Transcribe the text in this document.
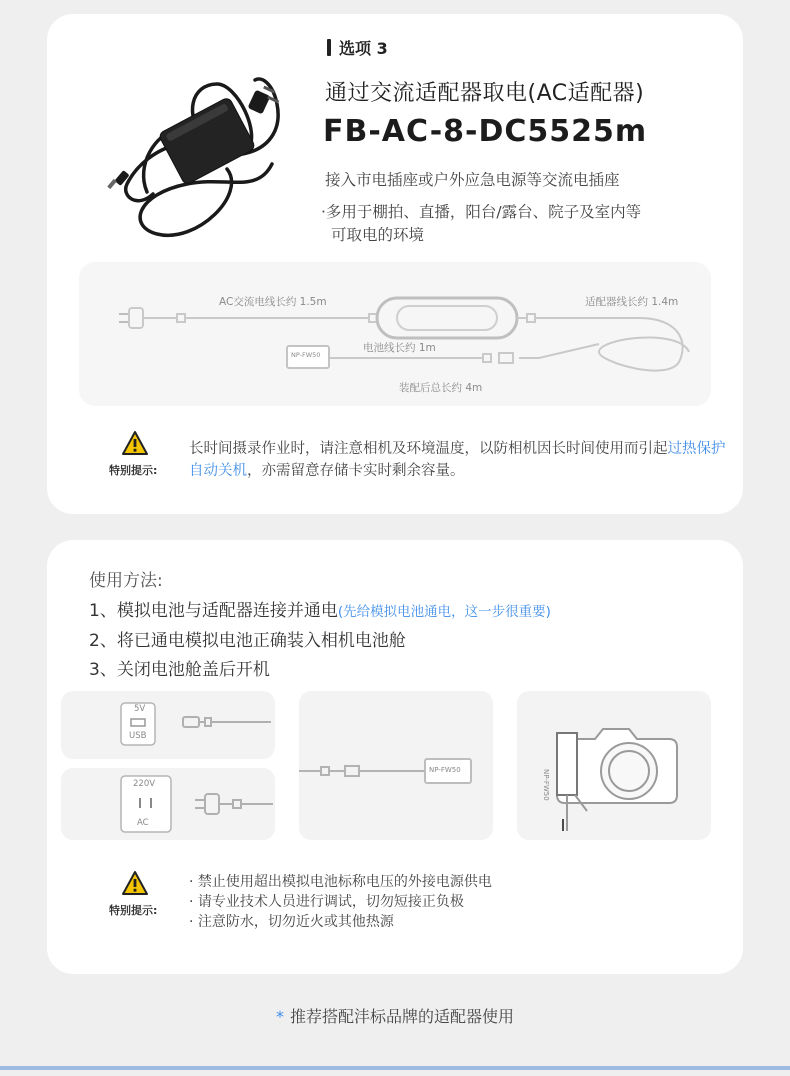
选项 3
通过交流适配器取电(AC适配器)
FB-AC-8-DC5525m
接入市电插座或户外应急电源等交流电插座
·多用于棚拍、直播，阳台/露台、院子及室内等
可取电的环境
AC交流电线长约 1.5m	适配器线长约 1.4m
电池线长约 1m
装配后总长约 4m
NP-FW50
特别提示:
长时间摄录作业时，请注意相机及环境温度，以防相机因长时间使用而引起过热保护自动关机，亦需留意存储卡实时剩余容量。
使用方法:
1、模拟电池与适配器连接并通电(先给模拟电池通电，这一步很重要)
2、将已通电模拟电池正确装入相机电池舱
3、关闭电池舱盖后开机
5V
USB
220V
AC
NP-FW50	NP-FW50
特别提示:
· 禁止使用超出模拟电池标称电压的外接电源供电
· 请专业技术人员进行调试，切勿短接正负极
· 注意防水，切勿近火或其他热源
* 推荐搭配沣标品牌的适配器使用
